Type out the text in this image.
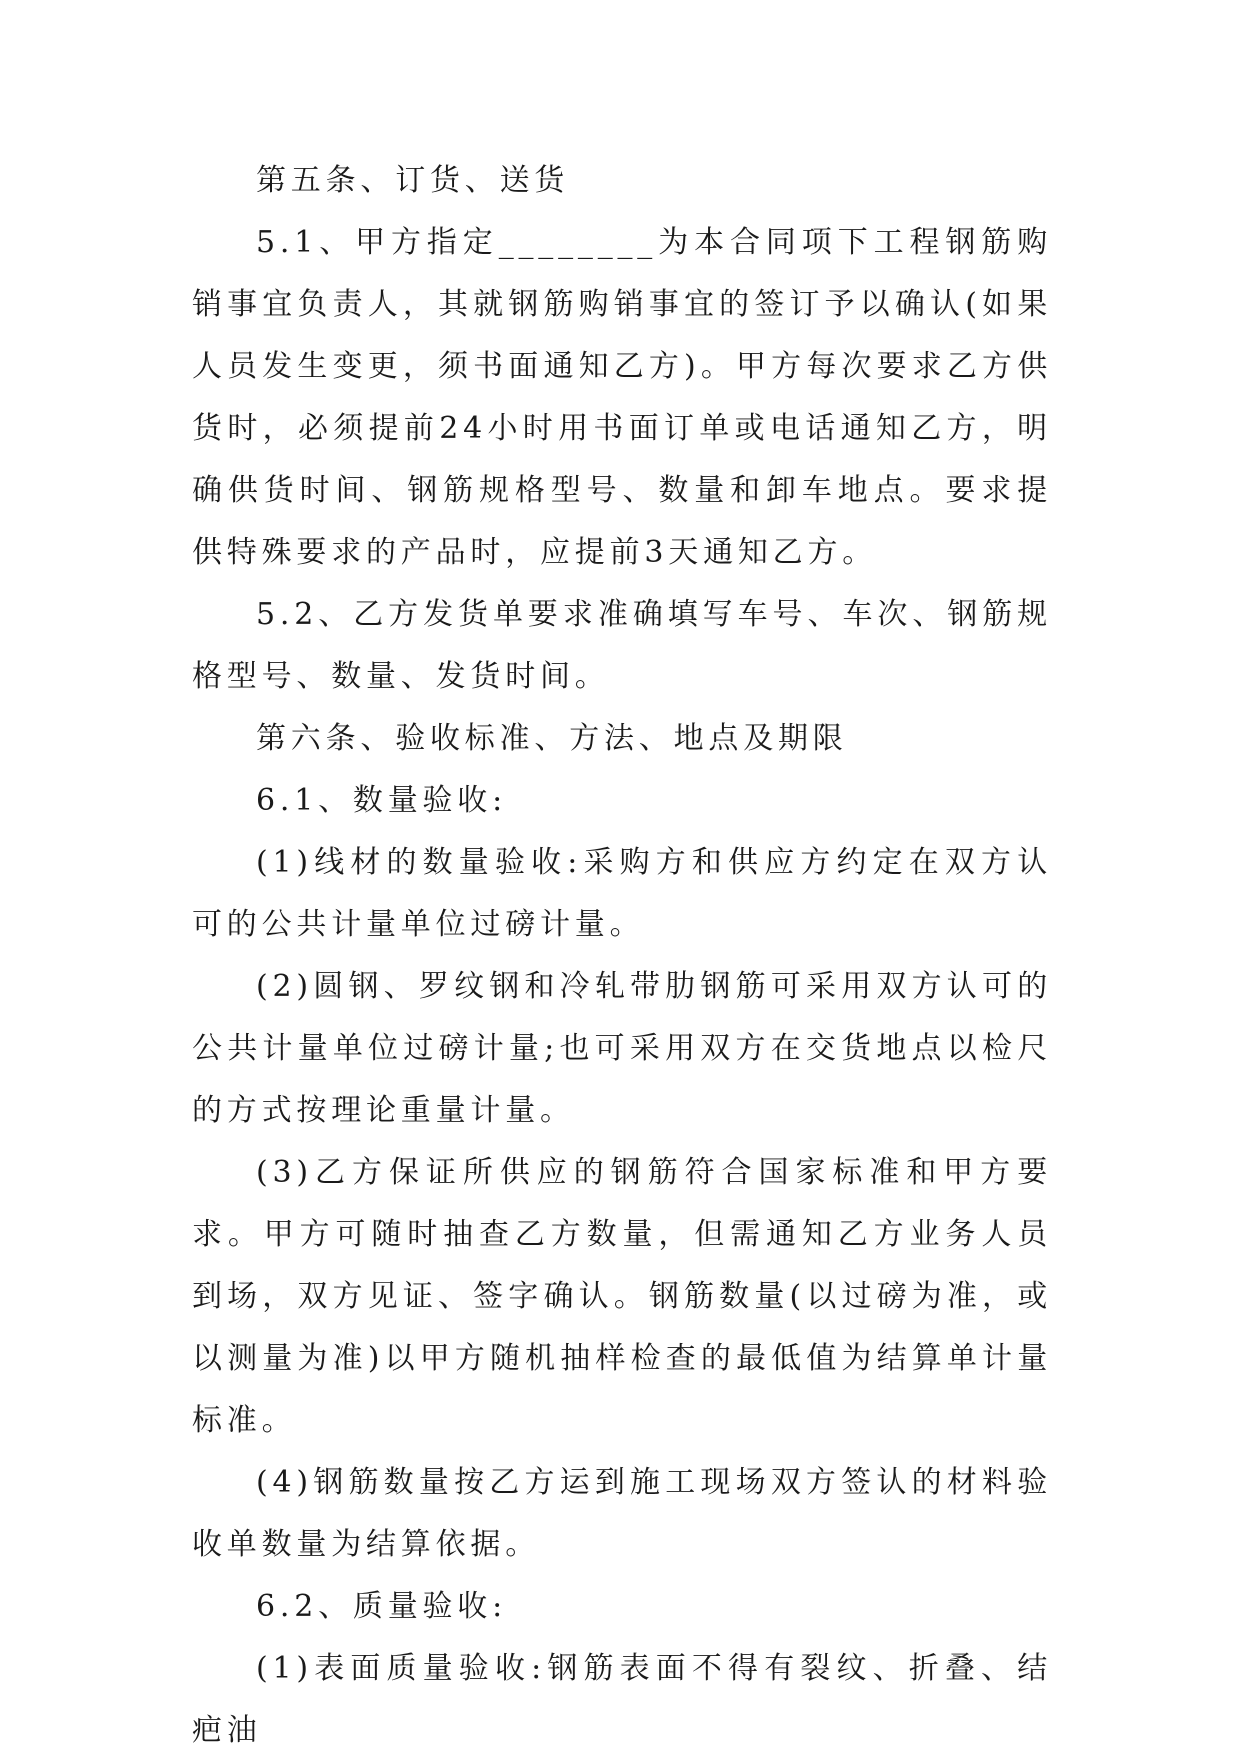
第五条、订货、送货

5.1、甲方指定________为本合同项下工程钢筋购销事宜负责人，其就钢筋购销事宜的签订予以确认(如果人员发生变更，须书面通知乙方)。甲方每次要求乙方供货时，必须提前24小时用书面订单或电话通知乙方，明确供货时间、钢筋规格型号、数量和卸车地点。要求提供特殊要求的产品时，应提前3天通知乙方。

5.2、乙方发货单要求准确填写车号、车次、钢筋规格型号、数量、发货时间。

第六条、验收标准、方法、地点及期限

6.1、数量验收:

(1)线材的数量验收:采购方和供应方约定在双方认可的公共计量单位过磅计量。

(2)圆钢、罗纹钢和冷轧带肋钢筋可采用双方认可的公共计量单位过磅计量;也可采用双方在交货地点以检尺的方式按理论重量计量。

(3)乙方保证所供应的钢筋符合国家标准和甲方要求。甲方可随时抽查乙方数量，但需通知乙方业务人员到场，双方见证、签字确认。钢筋数量(以过磅为准，或以测量为准)以甲方随机抽样检查的最低值为结算单计量标准。

(4)钢筋数量按乙方运到施工现场双方签认的材料验收单数量为结算依据。

6.2、质量验收:

(1)表面质量验收:钢筋表面不得有裂纹、折叠、结疤油
